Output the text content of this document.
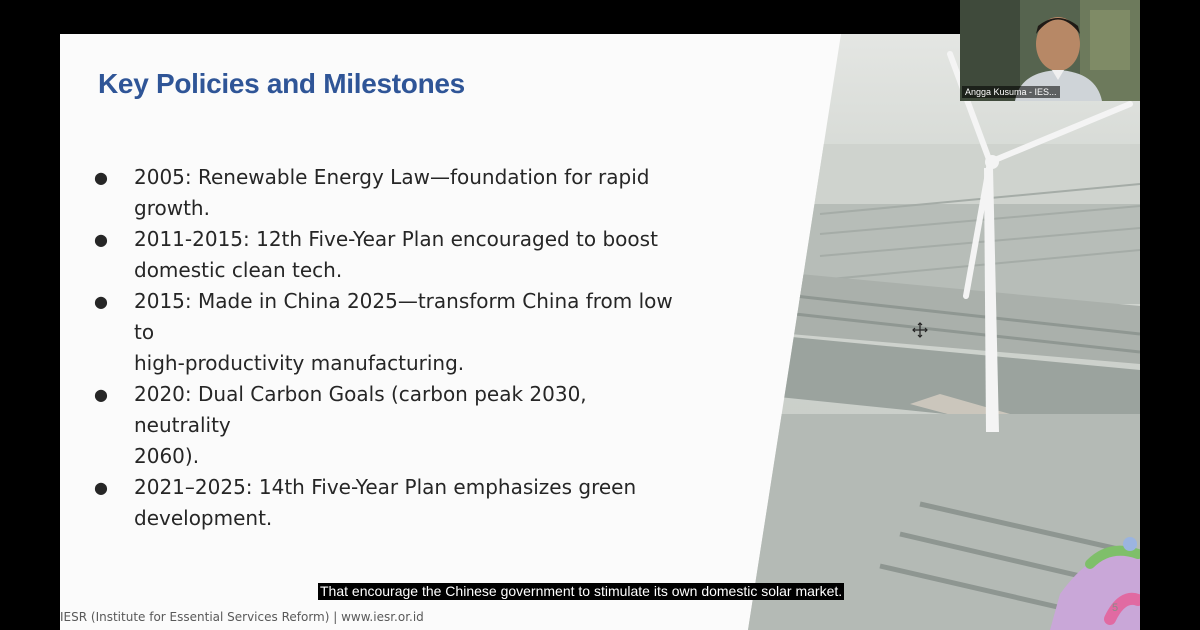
Key Policies and Milestones
●	2005: Renewable Energy Law—foundation for rapid
growth.
●	2011-2015: 12th Five-Year Plan encouraged to boost
domestic clean tech.
●	2015: Made in China 2025—transform China from low to
high-productivity manufacturing.
●	2020: Dual Carbon Goals (carbon peak 2030, neutrality
2060).
●	2021–2025: 14th Five-Year Plan emphasizes green
development.
IESR (Institute for Essential Services Reform) | www.iesr.or.id
5
Angga Kusuma - IES...
That encourage the Chinese government to stimulate its own domestic solar market.
